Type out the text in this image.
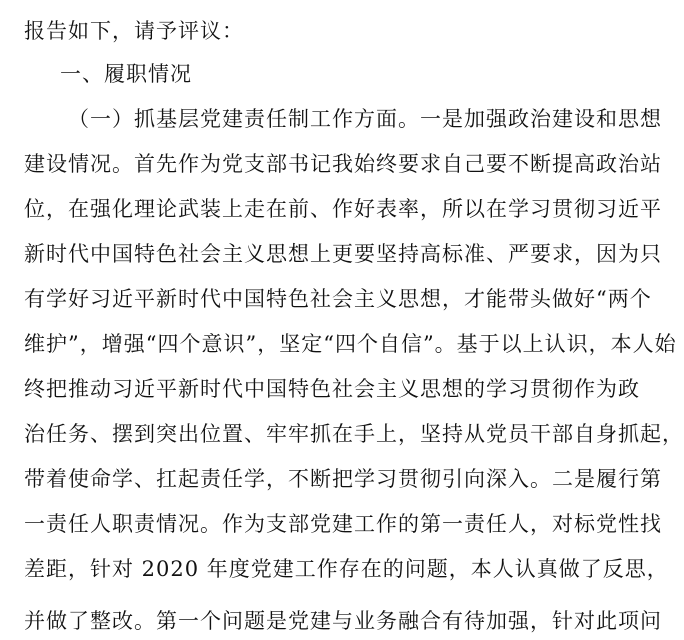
报告如下，请予评议：
一、履职情况
（一）抓基层党建责任制工作方面。一是加强政治建设和思想
建设情况。首先作为党支部书记我始终要求自己要不断提高政治站
位，在强化理论武装上走在前、作好表率，所以在学习贯彻习近平
新时代中国特色社会主义思想上更要坚持高标准、严要求，因为只
有学好习近平新时代中国特色社会主义思想，才能带头做好“两个
维护”，增强“四个意识”，坚定“四个自信”。基于以上认识，本人始
终把推动习近平新时代中国特色社会主义思想的学习贯彻作为政
治任务、摆到突出位置、牢牢抓在手上，坚持从党员干部自身抓起，
带着使命学、扛起责任学，不断把学习贯彻引向深入。二是履行第
一责任人职责情况。作为支部党建工作的第一责任人，对标党性找
差距，针对 2020 年度党建工作存在的问题，本人认真做了反思，
并做了整改。第一个问题是党建与业务融合有待加强，针对此项问
